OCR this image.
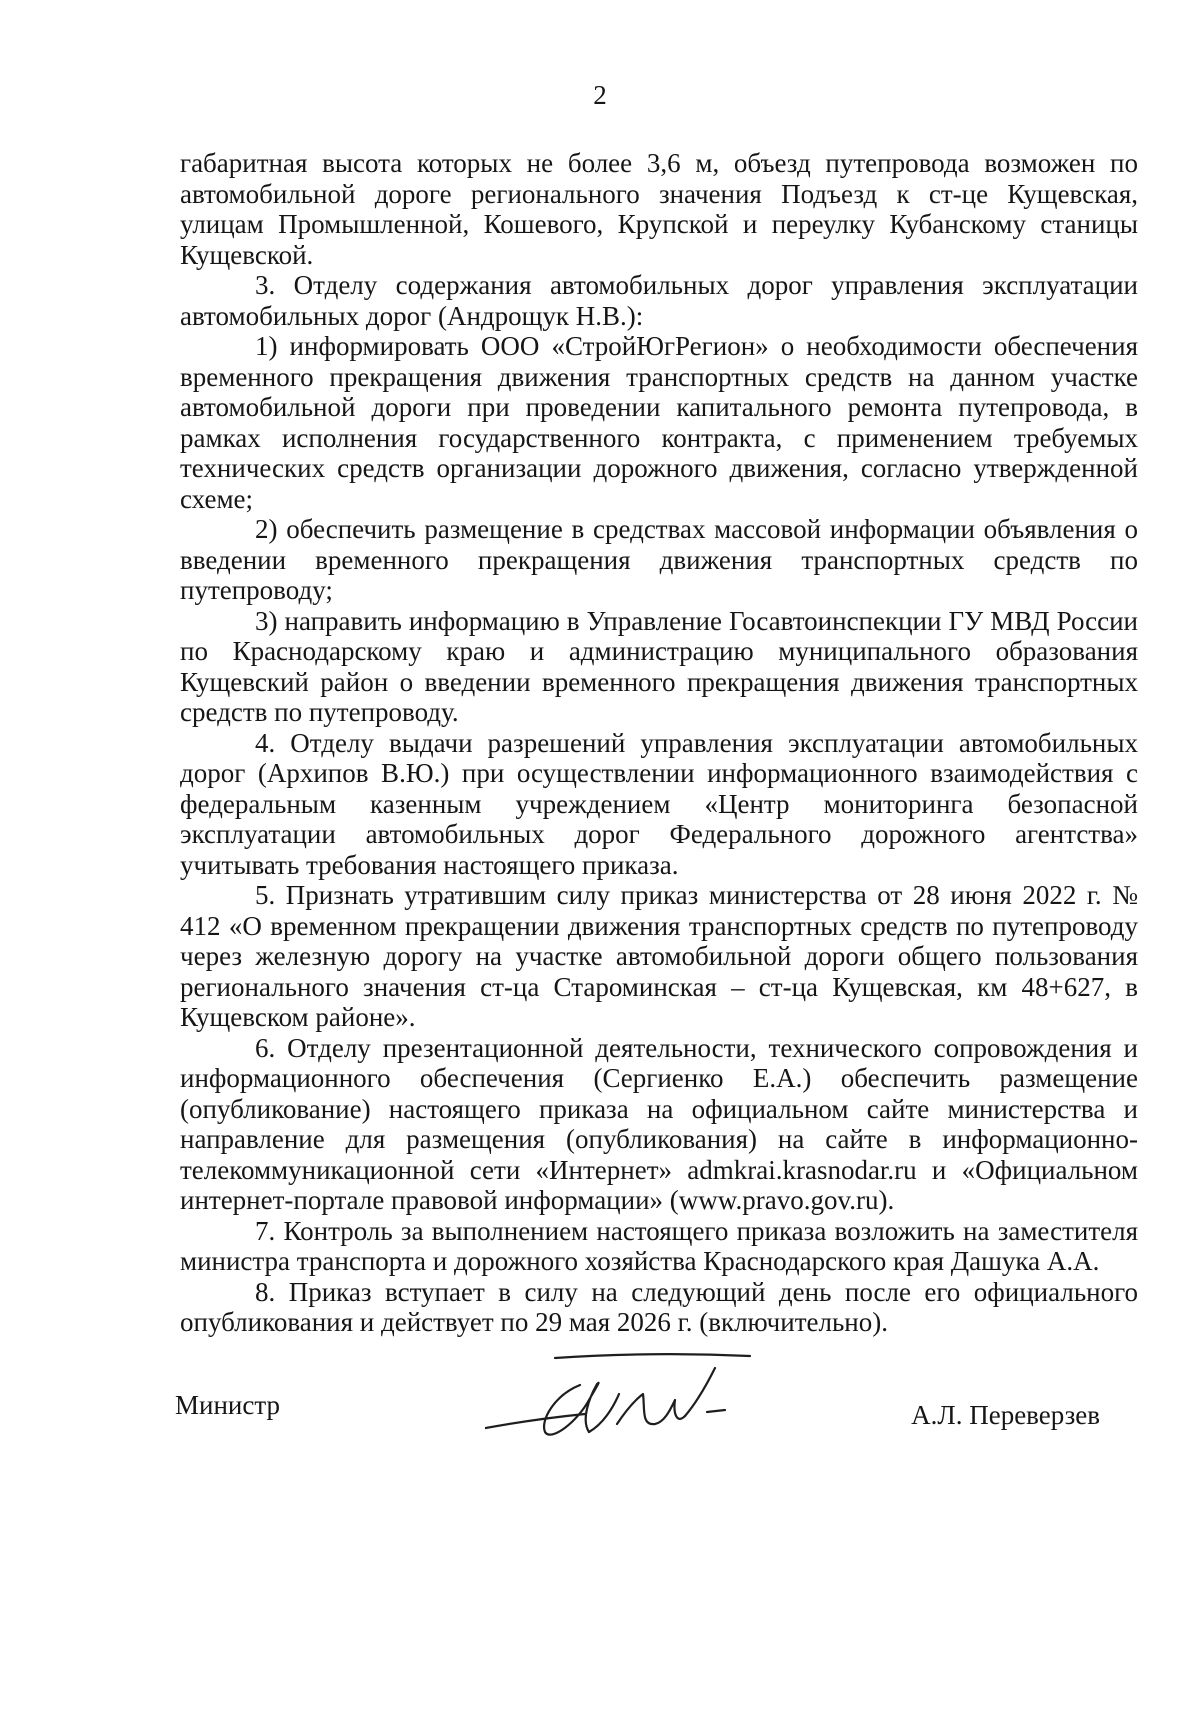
2

габаритная высота которых не более 3,6 м, объезд путепровода возможен по автомобильной дороге регионального значения Подъезд к ст-це Кущевская, улицам Промышленной, Кошевого, Крупской и переулку Кубанскому станицы Кущевской.

3. Отделу содержания автомобильных дорог управления эксплуатации автомобильных дорог (Андрощук Н.В.):

1) информировать ООО «СтройЮгРегион» о необходимости обеспечения временного прекращения движения транспортных средств на данном участке автомобильной дороги при проведении капитального ремонта путепровода, в рамках исполнения государственного контракта, с применением требуемых технических средств организации дорожного движения, согласно утвержденной схеме;

2) обеспечить размещение в средствах массовой информации объявления о введении временного прекращения движения транспортных средств по путепроводу;

3) направить информацию в Управление Госавтоинспекции ГУ МВД России по Краснодарскому краю и администрацию муниципального образования Кущевский район о введении временного прекращения движения транспортных средств по путепроводу.

4. Отделу выдачи разрешений управления эксплуатации автомобильных дорог (Архипов В.Ю.) при осуществлении информационного взаимодействия с федеральным казенным учреждением «Центр мониторинга безопасной эксплуатации автомобильных дорог Федерального дорожного агентства» учитывать требования настоящего приказа.

5. Признать утратившим силу приказ министерства от 28 июня 2022 г. № 412 «О временном прекращении движения транспортных средств по путепроводу через железную дорогу на участке автомобильной дороги общего пользования регионального значения ст-ца Староминская – ст-ца Кущевская, км 48+627, в Кущевском районе».

6. Отделу презентационной деятельности, технического сопровождения и информационного обеспечения (Сергиенко Е.А.) обеспечить размещение (опубликование) настоящего приказа на официальном сайте министерства и направление для размещения (опубликования) на сайте в информационно-телекоммуникационной сети «Интернет» admkrai.krasnodar.ru и «Официальном интернет-портале правовой информации» (www.pravo.gov.ru).

7. Контроль за выполнением настоящего приказа возложить на заместителя министра транспорта и дорожного хозяйства Краснодарского края Дашука А.А.

8. Приказ вступает в силу на следующий день после его официального опубликования и действует по 29 мая 2026 г. (включительно).

Министр	А.Л. Переверзев
